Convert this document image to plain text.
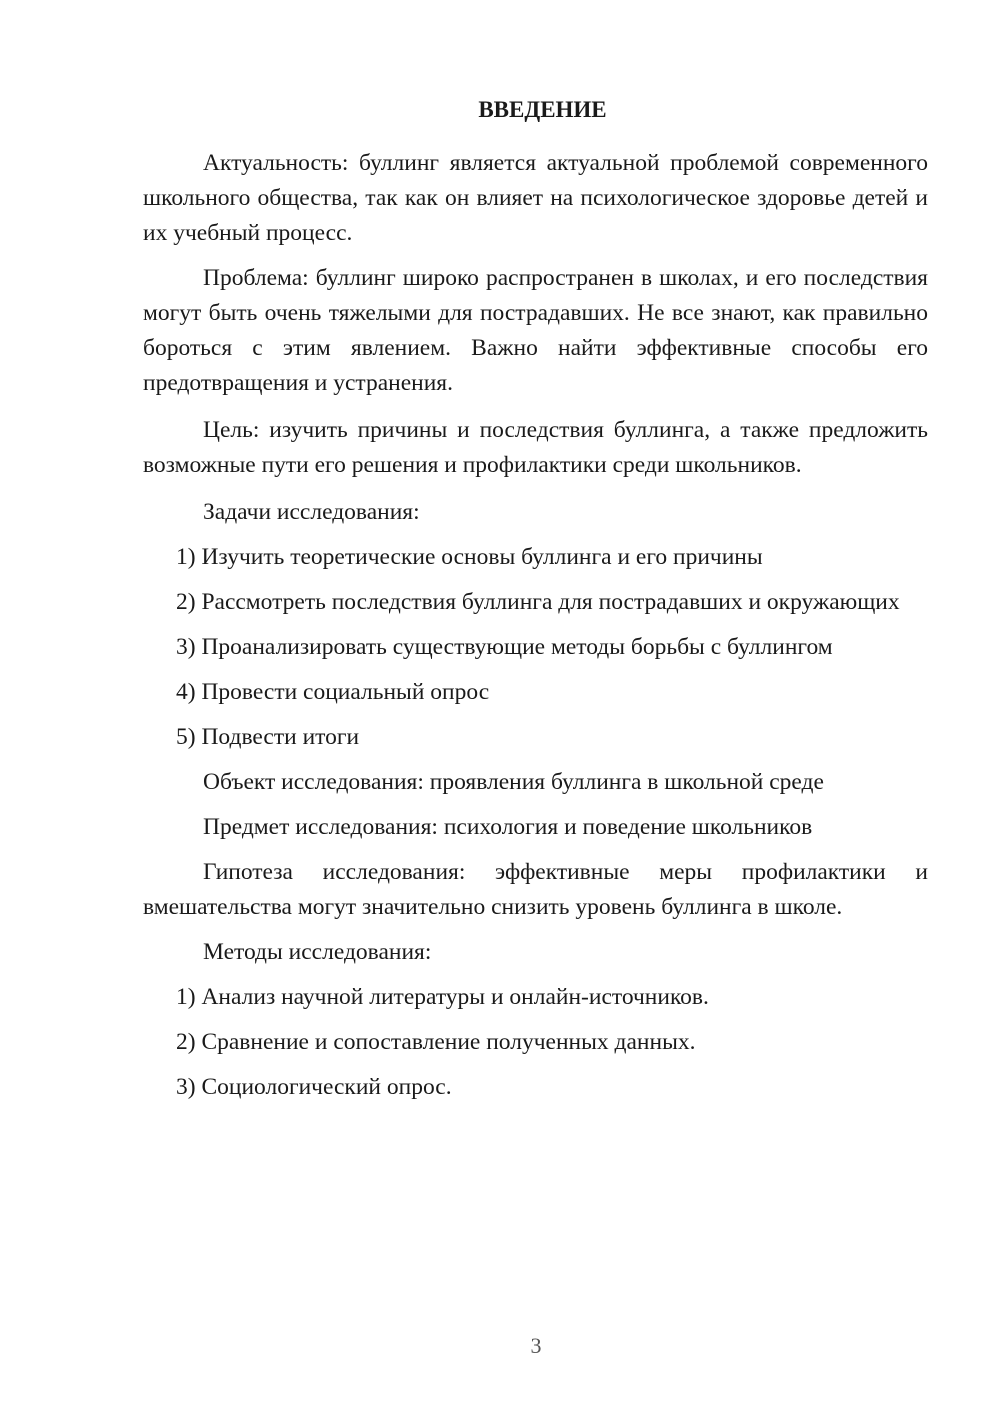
ВВЕДЕНИЕ

Актуальность: буллинг является актуальной проблемой современного школьного общества, так как он влияет на психологическое здоровье детей и их учебный процесс.

Проблема: буллинг широко распространен в школах, и его последствия могут быть очень тяжелыми для пострадавших. Не все знают, как правильно бороться с этим явлением. Важно найти эффективные способы его предотвращения и устранения.

Цель: изучить причины и последствия буллинга, а также предложить возможные пути его решения и профилактики среди школьников.

Задачи исследования:

1) Изучить теоретические основы буллинга и его причины

2) Рассмотреть последствия буллинга для пострадавших и окружающих

3) Проанализировать существующие методы борьбы с буллингом

4) Провести социальный опрос

5) Подвести итоги

Объект исследования: проявления буллинга в школьной среде

Предмет исследования: психология и поведение школьников

Гипотеза исследования: эффективные меры профилактики и вмешательства могут значительно снизить уровень буллинга в школе.

Методы исследования:

1) Анализ научной литературы и онлайн-источников.

2) Сравнение и сопоставление полученных данных.

3) Социологический опрос.

3
